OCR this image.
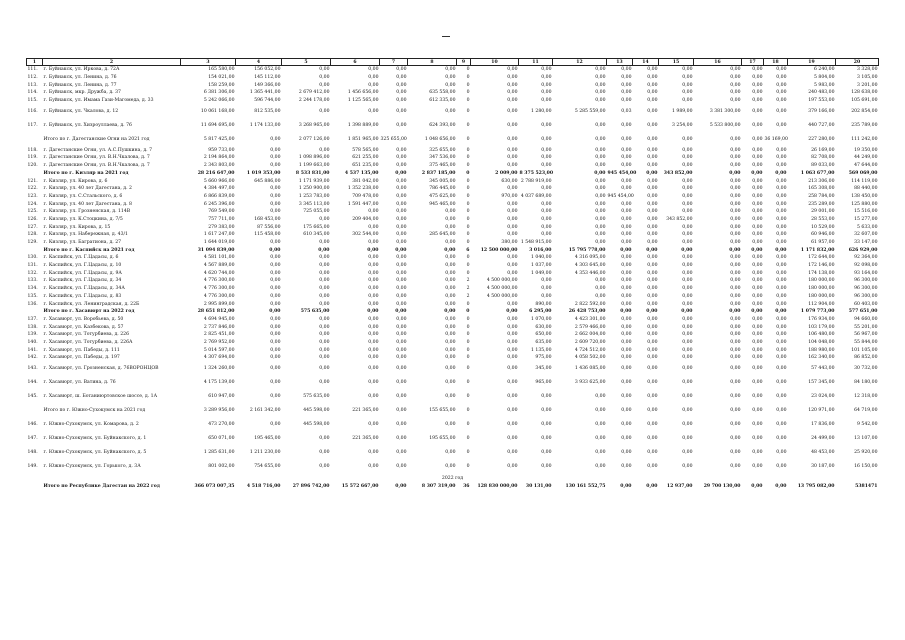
1	2	3	4	5	6	7	8	9	10	11	12	13	14	15	16	17	18	19	20
111.	г. Буйнакск, ул. Иркова, д. 72А	165 580,00	156 052,00	0,00	0,00	0,00	0,00	0	0,00	0,00	0,00	0,00	0,00	0,00	0,00	0,00	0,00	6 240,00	3 328,00
112.	г. Буйнакск, ул. Ленина, д. 76	154 021,00	145 112,00	0,00	0,00	0,00	0,00	0	0,00	0,00	0,00	0,00	0,00	0,00	0,00	0,00	0,00	5 804,00	3 105,00
113.	г. Буйнакск, ул. Ленина, д. 77	158 259,00	149 366,00	0,00	0,00	0,00	0,00	0	0,00	0,00	0,00	0,00	0,00	0,00	0,00	0,00	0,00	5 983,00	3 201,00
114.	г. Буйнакск, мкр. Дружба, д. 37	6 381 306,00	1 365 441,00	2 679 412,00	1 456 656,00	0,00	635 558,00	0	0,00	0,00	0,00	0,00	0,00	0,00	0,00	0,00	0,00	240 483,00	128 638,00
115.	г. Буйнакск, ул. Имама Гази-Магомеда, д. 33	5 242 066,00	596 744,00	2 244 178,00	1 125 565,00	0,00	612 335,00	0	0,00	0,00	0,00	0,00	0,00	0,00	0,00	0,00	0,00	197 553,00	105 691,00
116.	г. Буйнакск, ул. Чкалова, д. 12	10 061 168,00	812 535,00	0,00	0,00	0,00	0,00	0	0,00	1 280,00	5 285 559,00	0,03	0,00	1 989,00	3 381 300,00	0,00	0,00	379 166,00	202 854,00
117.	г. Буйнакск, ул. Хизроуллаева, д. 76	11 694 695,00	1 174 133,00	3 268 965,00	1 398 889,00	0,00	624 393,00	0	0,00	0,00	0,00	0,00	0,00	3 254,00	5 533 800,00	0,00	0,00	440 727,00	235 789,00
	Итого по г. Дагестанские Огни на 2021 год	5 817 425,00	0,00	2 077 126,00	1 851 965,00	325 655,00	1 048 656,00	0	0,00	0,00	0,00	0,00	0,00	0,00	0,00	0,00	36 169,00	227 280,00	111 242,00
118.	г. Дагестанские Огни, ул. А.С.Пушкина, д. 7	959 733,00	0,00	0,00	578 565,00	0,00	325 655,00	0	0,00	0,00	0,00	0,00	0,00	0,00	0,00	0,00	0,00	26 169,00	19 350,00
119.	г. Дагестанские Огни, ул. В.Н.Чкалова, д. 7	2 194 864,00	0,00	1 098 896,00	621 255,00	0,00	347 536,00	0	0,00	0,00	0,00	0,00	0,00	0,00	0,00	0,00	0,00	82 708,00	44 249,00
120.	г. Дагестанские Огни, ул. В.Н.Чкалова, д. 7	2 343 803,00	0,00	1 199 663,00	651 235,00	0,00	375 465,00	0	0,00	0,00	0,00	0,00	0,00	0,00	0,00	0,00	0,00	89 033,00	47 644,00
	Итого по г. Кизляр на 2021 год	28 216 647,00	1 019 353,00	8 533 831,00	4 537 135,00	0,00	2 837 185,00	0	2 009,00	8 375 523,00	0,00	945 454,00	0,00	343 852,00	0,00	0,00	0,00	1 063 677,00	569 069,00
121.	г. Кизляр, ул. Кирова, д. 6	5 660 966,00	645 886,00	1 171 939,00	381 042,00	0,00	345 005,00	0	630,00	2 788 919,00	0,00	0,00	0,00	0,00	0,00	0,00	0,00	213 306,00	114 119,00
122.	г. Кизляр, ул. 40 лет Дагестана, д. 2	4 384 497,00	0,00	1 250 900,00	1 352 238,00	0,00	786 445,00	0	0,00	0,00	0,00	0,00	0,00	0,00	0,00	0,00	0,00	165 308,00	88 440,00
123.	г. Кизляр, ул. С.Стальского, д. 6	6 866 839,00	0,00	1 253 783,00	709 478,00	0,00	475 625,00	0	970,00	4 037 689,00	0,00	945 454,00	0,00	0,00	0,00	0,00	0,00	258 784,00	138 450,00
124.	г. Кизляр, ул. 40 лет Дагестана, д. 8	6 245 396,00	0,00	3 345 113,00	1 591 447,00	0,00	945 465,00	0	0,00	0,00	0,00	0,00	0,00	0,00	0,00	0,00	0,00	235 289,00	125 880,00
125.	г. Кизляр, ул. Грозненская, д. 114В	769 549,00	0,00	725 055,00	0,00	0,00	0,00	0	0,00	0,00	0,00	0,00	0,00	0,00	0,00	0,00	0,00	29 001,00	15 516,00
126.	г. Кизляр, ул. К.Стоцкина, д. 7/5	757 711,00	168 453,00	0,00	209 404,00	0,00	0,00	0	0,00	0,00	0,00	0,00	0,00	343 852,00	0,00	0,00	0,00	28 553,00	15 277,00
127.	г. Кизляр, ул. Кирова, д. 15	279 383,00	87 556,00	175 665,00	0,00	0,00	0,00	0	0,00	0,00	0,00	0,00	0,00	0,00	0,00	0,00	0,00	10 529,00	5 633,00
128.	г. Кизляр, ул. Набережная, д. 43/1	1 617 247,00	115 458,00	610 345,00	302 544,00	0,00	285 645,00	0	0,00	0,00	0,00	0,00	0,00	0,00	0,00	0,00	0,00	60 946,00	32 607,00
129.	г. Кизляр, ул. Багратиона, д. 27	1 644 019,00	0,00	0,00	0,00	0,00	0,00	0	380,00	1 548 915,00	0,00	0,00	0,00	0,00	0,00	0,00	0,00	61 957,00	33 147,00
	Итого по г. Каспийск на 2021 год	31 094 839,00	0,00	0,00	0,00	0,00	0,00	6	12 500 000,00	3 016,00	15 795 778,00	0,00	0,00	0,00	0,00	0,00	0,00	1 171 832,00	626 929,00
130.	г. Каспийск, ул. Г.Цадасы, д. 6	4 581 101,00	0,00	0,00	0,00	0,00	0,00	0	0,00	1 040,00	4 316 095,00	0,00	0,00	0,00	0,00	0,00	0,00	172 644,00	92 364,00
131.	г. Каспийск, ул. Г.Цадасы, д. 10	4 567 889,00	0,00	0,00	0,00	0,00	0,00	0	0,00	1 037,00	4 303 645,00	0,00	0,00	0,00	0,00	0,00	0,00	172 146,00	92 098,00
132.	г. Каспийск, ул. Г.Цадасы, д. 9А	4 620 744,00	0,00	0,00	0,00	0,00	0,00	0	0,00	1 049,00	4 353 446,00	0,00	0,00	0,00	0,00	0,00	0,00	174 138,00	93 164,00
133.	г. Каспийск, ул. Г.Цадасы, д. 34	4 776 300,00	0,00	0,00	0,00	0,00	0,00	2	4 500 000,00	0,00	0,00	0,00	0,00	0,00	0,00	0,00	0,00	180 000,00	96 300,00
134.	г. Каспийск, ул. Г.Цадасы, д. 34А	4 776 300,00	0,00	0,00	0,00	0,00	0,00	2	4 500 000,00	0,00	0,00	0,00	0,00	0,00	0,00	0,00	0,00	180 000,00	96 300,00
135.	г. Каспийск, ул. Г.Цадасы, д. 83	4 776 300,00	0,00	0,00	0,00	0,00	0,00	2	4 500 000,00	0,00	0,00	0,00	0,00	0,00	0,00	0,00	0,00	180 000,00	96 300,00
136.	г. Каспийск, ул. Ленинградская, д. 22Б	2 995 899,00	0,00	0,00	0,00	0,00	0,00	0	0,00	890,00	2 822 592,00	0,00	0,00	0,00	0,00	0,00	0,00	112 904,00	60 403,00
	Итого по г. Хасавюрт на 2022 год	28 651 812,00	0,00	575 635,00	0,00	0,00	0,00	0	0,00	6 295,00	26 428 753,00	0,00	0,00	0,00	0,00	0,00	0,00	1 079 773,00	577 651,00
137.	г. Хасавюрт, ул. Воробьева, д. 50	4 694 945,00	0,00	0,00	0,00	0,00	0,00	0	0,00	1 070,00	4 423 301,00	0,00	0,00	0,00	0,00	0,00	0,00	176 934,00	94 660,00
138.	г. Хасавюрт, ул. Казбекова, д. 57	2 737 846,00	0,00	0,00	0,00	0,00	0,00	0	0,00	630,00	2 579 466,00	0,00	0,00	0,00	0,00	0,00	0,00	103 179,00	55 201,00
139.	г. Хасавюрт, ул. Тотурбиева, д. 226	2 825 451,00	0,00	0,00	0,00	0,00	0,00	0	0,00	650,00	2 662 004,00	0,00	0,00	0,00	0,00	0,00	0,00	106 480,00	56 967,00
140.	г. Хасавюрт, ул. Тотурбиева, д. 226А	2 769 952,00	0,00	0,00	0,00	0,00	0,00	0	0,00	635,00	2 609 720,00	0,00	0,00	0,00	0,00	0,00	0,00	104 048,00	55 844,00
141.	г. Хасавюрт, ул. Пабеды, д. 111	5 014 597,00	0,00	0,00	0,00	0,00	0,00	0	0,00	1 135,00	4 724 512,00	0,00	0,00	0,00	0,00	0,00	0,00	188 980,00	101 105,00
142.	г. Хасавюрт, ул. Пабеды, д. 197	4 307 694,00	0,00	0,00	0,00	0,00	0,00	0	0,00	975,00	4 058 502,00	0,00	0,00	0,00	0,00	0,00	0,00	162 340,00	86 852,00
143.	г. Хасавюрт, ул. Грозненская, д. 76ВОРОНЦОВ	1 324 260,00	0,00	0,00	0,00	0,00	0,00	0	0,00	345,00	1 436 085,00	0,00	0,00	0,00	0,00	0,00	0,00	57 443,00	30 732,00
144.	г. Хасавюрт, ул. Ватина, д. 76	4 175 139,00	0,00	0,00	0,00	0,00	0,00	0	0,00	965,00	3 933 625,00	0,00	0,00	0,00	0,00	0,00	0,00	157 345,00	84 180,00
145.	г. Хасавюрт, ш. Ботаниюртовское шоссе, д. 1А	610 947,00	0,00	575 635,00	0,00	0,00	0,00	0	0,00	0,00	0,00	0,00	0,00	0,00	0,00	0,00	0,00	23 024,00	12 318,00
	Итого по г. Южно-Сухокумск на 2021 год	3 289 956,00	2 161 342,00	445 598,00	221 365,00	0,00	155 655,00	0	0,00	0,00	0,00	0,00	0,00	0,00	0,00	0,00	0,00	120 971,00	64 719,00
146.	г. Южно-Сухокумск, ул. Комарова, д. 2	473 270,00	0,00	445 598,00	0,00	0,00	0,00	0	0,00	0,00	0,00	0,00	0,00	0,00	0,00	0,00	0,00	17 836,00	9 542,00
147.	г. Южно-Сухокумск, ул. Буйнакского, д. 1	650 071,00	195 465,00	0,00	221 365,00	0,00	195 655,00	0	0,00	0,00	0,00	0,00	0,00	0,00	0,00	0,00	0,00	24 499,00	13 107,00
148.	г. Южно-Сухокумск, ул. Буйнакского, д. 5	1 285 631,00	1 211 230,00	0,00	0,00	0,00	0,00	0	0,00	0,00	0,00	0,00	0,00	0,00	0,00	0,00	0,00	48 453,00	25 920,00
149.	г. Южно-Сухокумск, ул. Горького, д. 3А	801 002,00	754 655,00	0,00	0,00	0,00	0,00	0	0,00	0,00	0,00	0,00	0,00	0,00	0,00	0,00	0,00	30 187,00	16 150,00
2022 год																			
	Итого по Республике Дагестан на 2022 год	366 073 007,35	4 518 716,00	27 896 742,00	15 572 667,00	0,00	8 307 319,00	36	128 830 000,00	30 131,00	130 161 552,75	0,00	0,00	12 937,00	29 700 130,00	0,00	0,00	13 795 082,00	5381471
